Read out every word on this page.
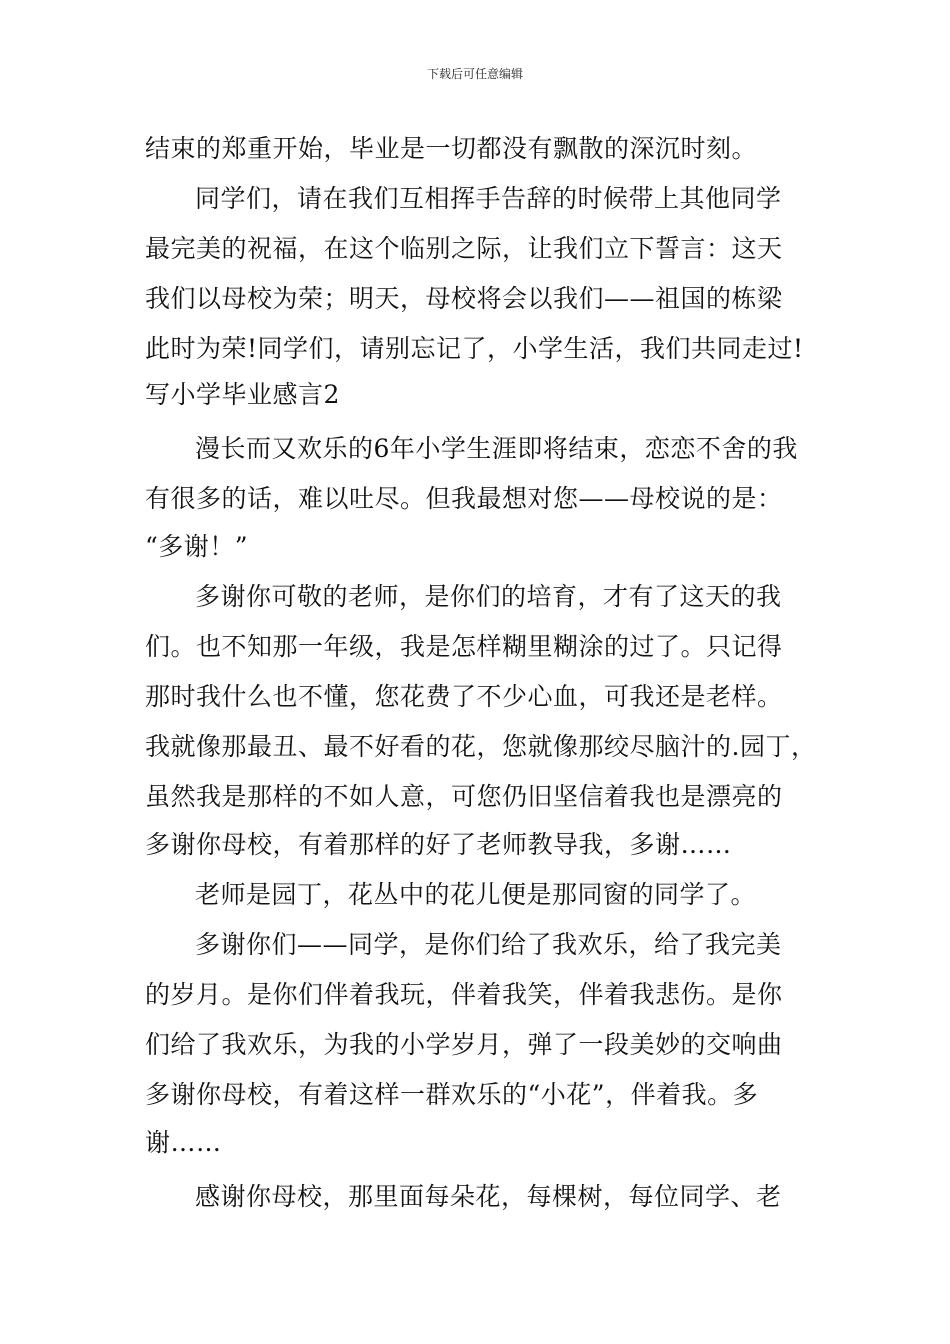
下载后可任意编辑
结束的郑重开始，毕业是一切都没有飘散的深沉时刻。
同学们，请在我们互相挥手告辞的时候带上其他同学
最完美的祝福，在这个临别之际，让我们立下誓言：这天
我们以母校为荣；明天，母校将会以我们——祖国的栋梁
此时为荣!同学们，请别忘记了，小学生活，我们共同走过!
写小学毕业感言2
漫长而又欢乐的6年小学生涯即将结束，恋恋不舍的我
有很多的话，难以吐尽。但我最想对您——母校说的是：
“多谢！”
多谢你可敬的老师，是你们的培育，才有了这天的我
们。也不知那一年级，我是怎样糊里糊涂的过了。只记得
那时我什么也不懂，您花费了不少心血，可我还是老样。
我就像那最丑、最不好看的花，您就像那绞尽脑汁的.园丁，
虽然我是那样的不如人意，可您仍旧坚信着我也是漂亮的
多谢你母校，有着那样的好了老师教导我，多谢……
老师是园丁，花丛中的花儿便是那同窗的同学了。
多谢你们——同学，是你们给了我欢乐，给了我完美
的岁月。是你们伴着我玩，伴着我笑，伴着我悲伤。是你
们给了我欢乐，为我的小学岁月，弹了一段美妙的交响曲
多谢你母校，有着这样一群欢乐的“小花”，伴着我。多
谢……
感谢你母校，那里面每朵花，每棵树，每位同学、老
